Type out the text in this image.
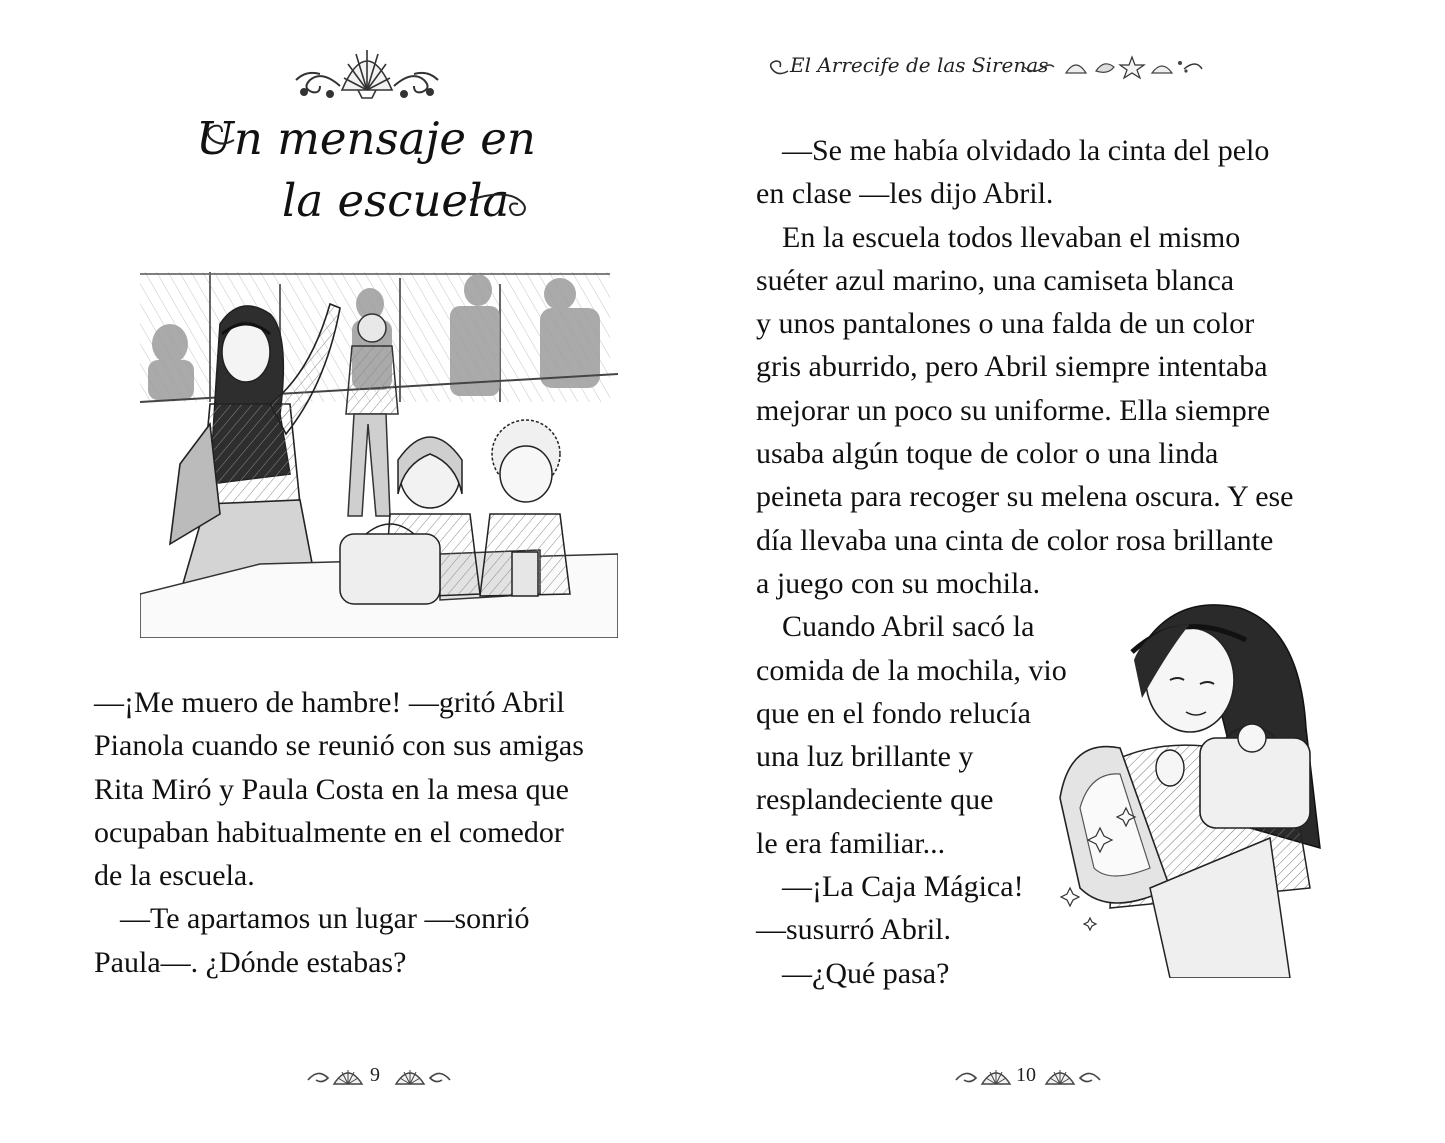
Un mensaje en
la escuela

—¡Me muero de hambre! —gritó Abril

Pianola cuando se reunió con sus amigas

Rita Miró y Paula Costa en la mesa que

ocupaban habitualmente en el comedor

de la escuela.

—Te apartamos un lugar —sonrió

Paula—. ¿Dónde estabas?

9
El Arrecife de las Sirenas

—Se me había olvidado la cinta del pelo

en clase —les dijo Abril.

En la escuela todos llevaban el mismo

suéter azul marino, una camiseta blanca

y unos pantalones o una falda de un color

gris aburrido, pero Abril siempre intentaba

mejorar un poco su uniforme. Ella siempre

usaba algún toque de color o una linda

peineta para recoger su melena oscura. Y ese

día llevaba una cinta de color rosa brillante

a juego con su mochila.

Cuando Abril sacó la

comida de la mochila, vio

que en el fondo relucía

una luz brillante y

resplandeciente que

le era familiar...

—¡La Caja Mágica!

—susurró Abril.

—¿Qué pasa?

10
